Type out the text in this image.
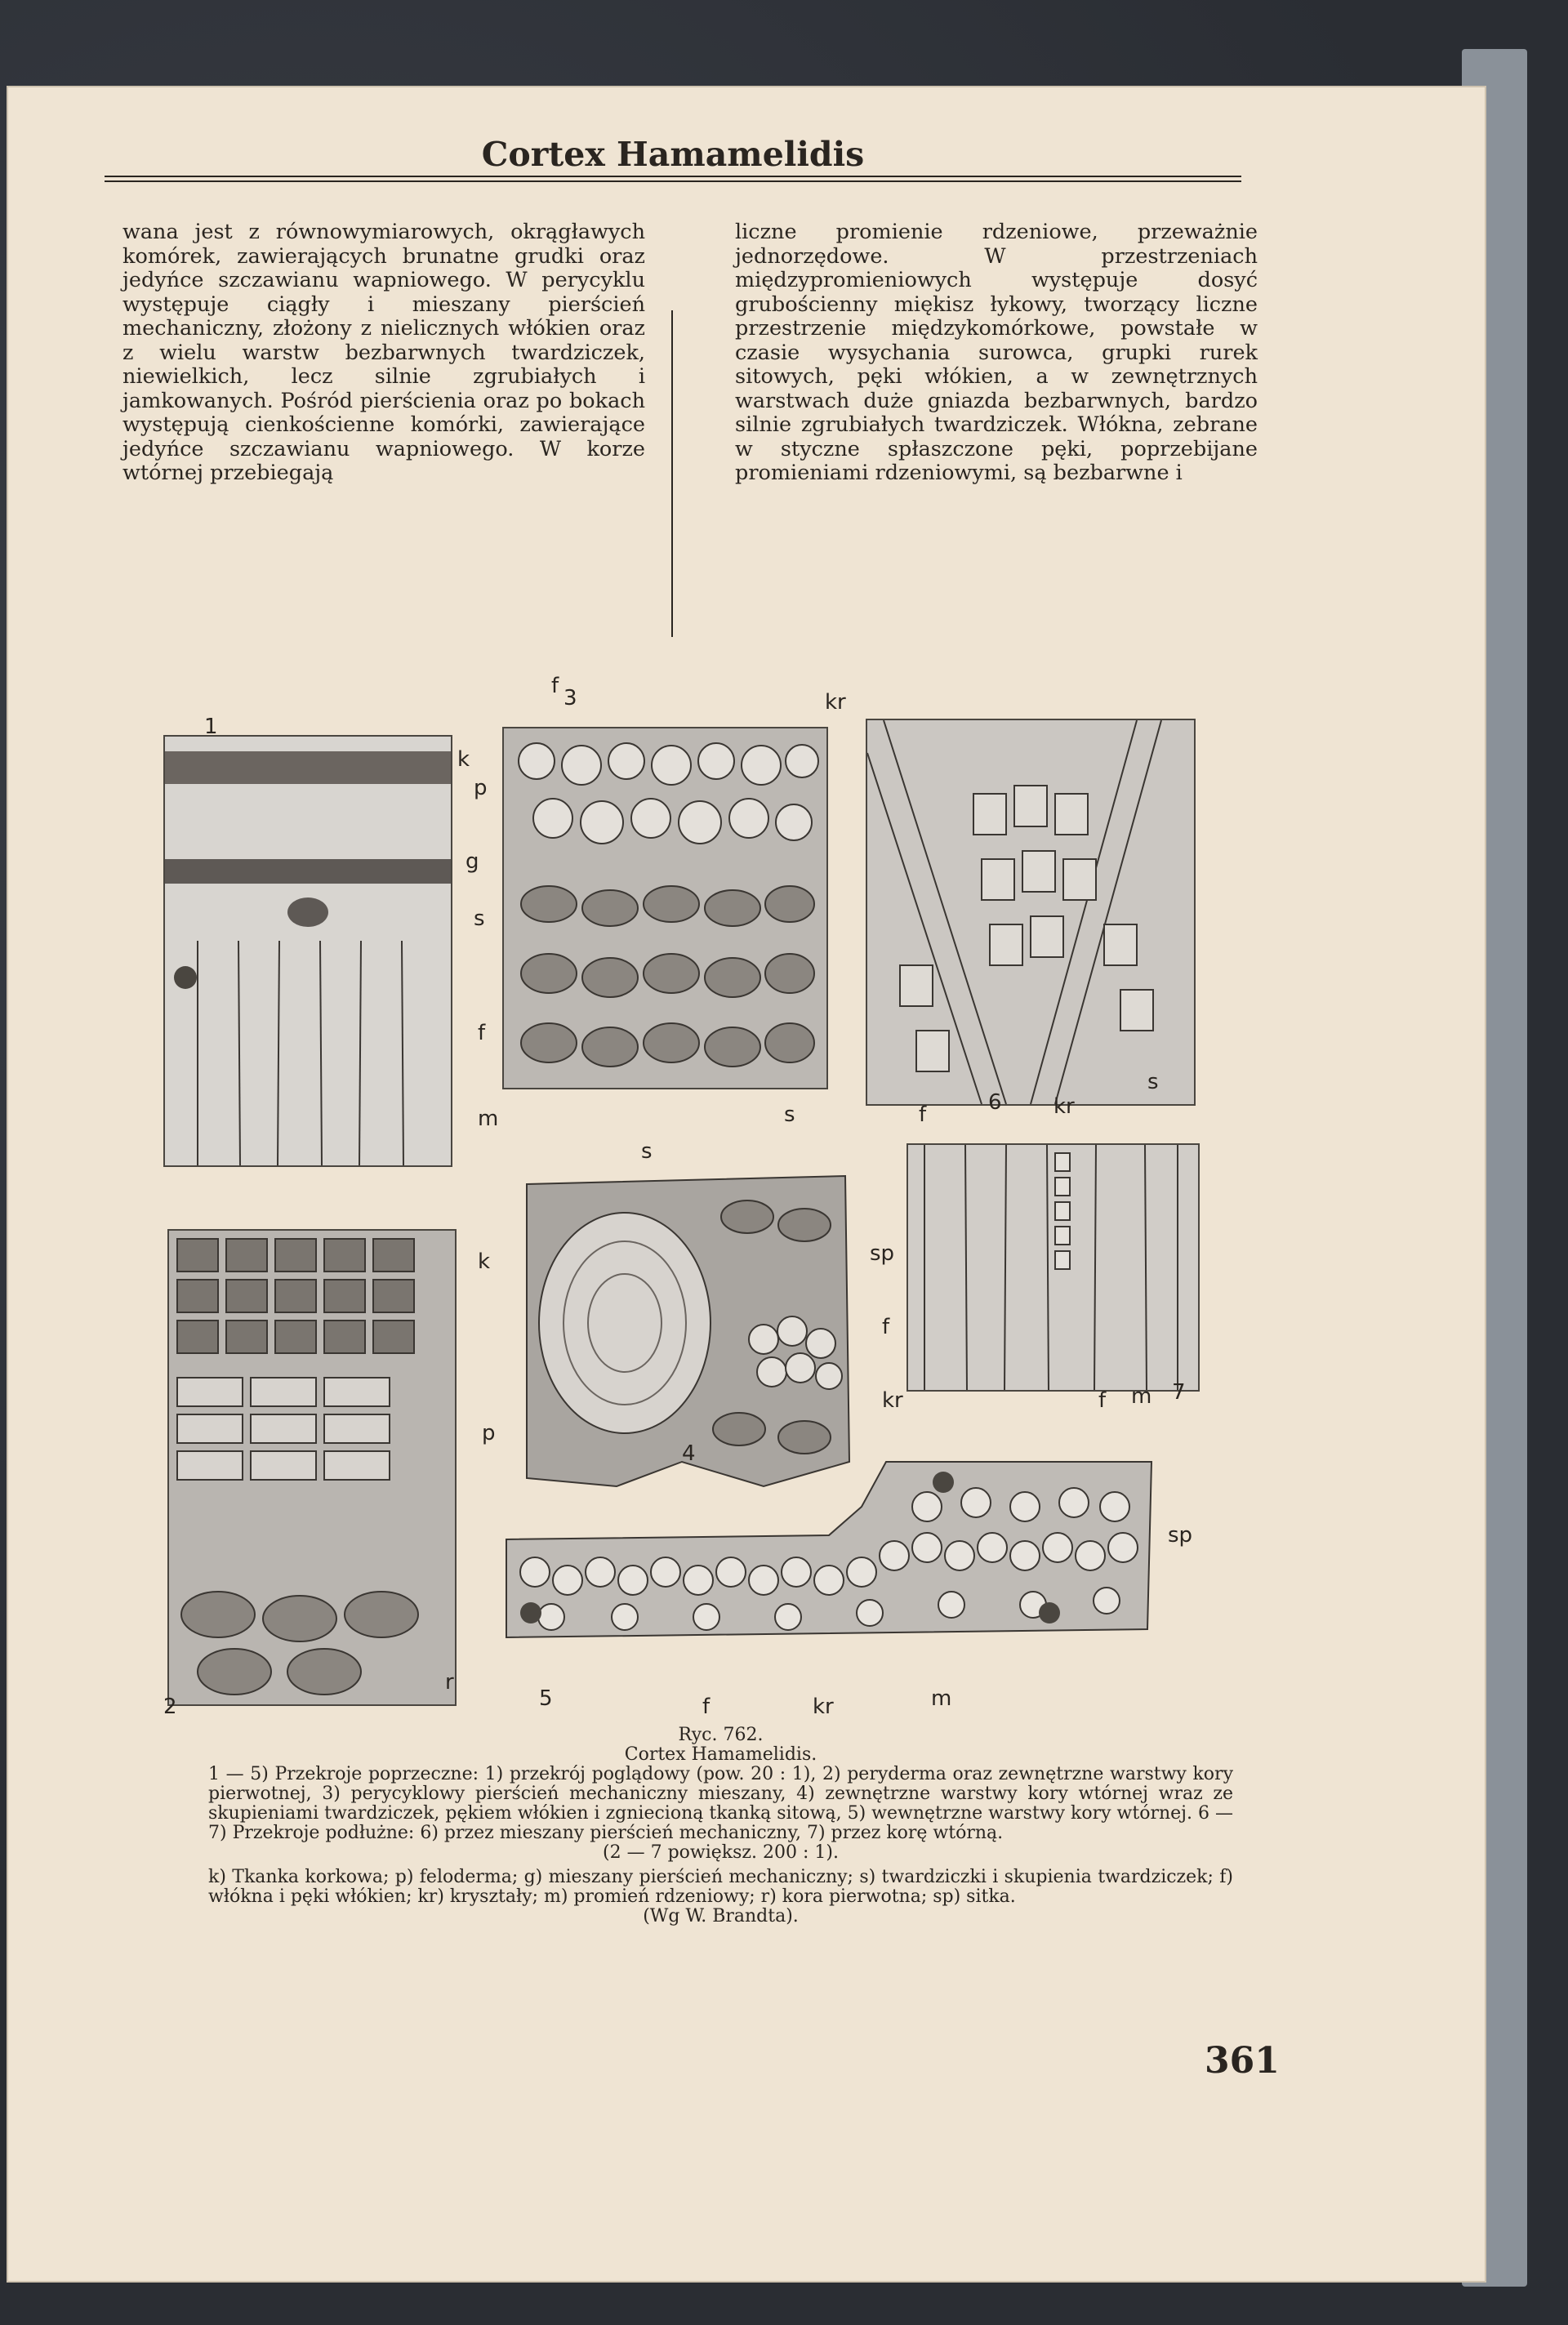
Cortex Hamamelidis

wana jest z równowymiarowych, okrągławych komórek, zawierających brunatne grudki oraz jedyńce szczawianu wapniowego. W perycyklu występuje ciągły i mieszany pierścień mechaniczny, złożony z nielicznych włókien oraz z wielu warstw bezbarwnych twardziczek, niewielkich, lecz silnie zgrubiałych i jamkowanych. Pośród pierścienia oraz po bokach występują cienkościenne komórki, zawierające jedyńce szczawianu wapniowego. W korze wtórnej przebiegają

liczne promienie rdzeniowe, przeważnie jednorzędowe. W przestrzeniach międzypromieniowych występuje dosyć grubościenny miękisz łykowy, tworzący liczne przestrzenie międzykomórkowe, powstałe w czasie wysychania surowca, grupki rurek sitowych, pęki włókien, a w zewnętrznych warstwach duże gniazda bezbarwnych, bardzo silnie zgrubiałych twardziczek. Włókna, zebrane w styczne spłaszczone pęki, poprzebijane promieniami rdzeniowymi, są bezbarwne i

1
k
p
g
s
f
m
3
f
kr
s	6
f	kr
s
2
k
p
r
4
s
f
kr	7
sp
f m
5
sp
f	kr	m

Ryc. 762.

Cortex Hamamelidis.

1 — 5) Przekroje poprzeczne: 1) przekrój poglądowy (pow. 20 : 1), 2) peryderma oraz zewnętrzne warstwy kory pierwotnej, 3) perycyklowy pierścień mechaniczny mieszany, 4) zewnętrzne warstwy kory wtórnej wraz ze skupieniami twardziczek, pękiem włókien i zgniecioną tkanką sitową, 5) wewnętrzne warstwy kory wtórnej. 6 — 7) Przekroje podłużne: 6) przez mieszany pierścień mechaniczny, 7) przez korę wtórną.

(2 — 7 powiększ. 200 : 1).

k) Tkanka korkowa; p) feloderma; g) mieszany pierścień mechaniczny; s) twardziczki i skupienia twardziczek; f) włókna i pęki włókien; kr) kryształy; m) promień rdzeniowy; r) kora pierwotna; sp) sitka.

(Wg W. Brandta).

361
